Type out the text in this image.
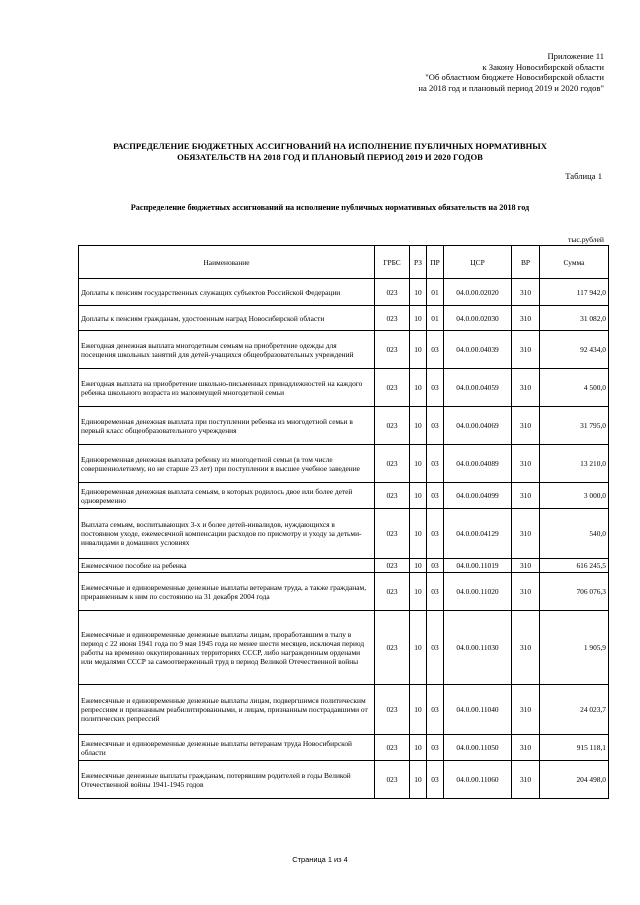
Приложение 11
к Закону Новосибирской области
"Об областном бюджете Новосибирской области
на 2018 год и плановый период 2019 и 2020 годов"
РАСПРЕДЕЛЕНИЕ БЮДЖЕТНЫХ АССИГНОВАНИЙ НА ИСПОЛНЕНИЕ ПУБЛИЧНЫХ НОРМАТИВНЫХ
ОБЯЗАТЕЛЬСТВ НА 2018 ГОД И ПЛАНОВЫЙ ПЕРИОД 2019 И 2020 ГОДОВ
Таблица 1
Распределение бюджетных ассигнований на исполнение публичных нормативных обязательств на 2018 год
тыс.рублей
Наименование	ГРБС	РЗ	ПР	ЦСР	ВР	Сумма
Доплаты к пенсиям государственных служащих субъектов Российской Федерации	023	10	01	04.0.00.02020	310	117 942,0
Доплаты к пенсиям гражданам, удостоенным наград Новосибирской области	023	10	01	04.0.00.02030	310	31 082,0
Ежегодная денежная выплата многодетным семьям на приобретение одежды для посещения школьных занятий для детей-учащихся общеобразовательных учреждений	023	10	03	04.0.00.04039	310	92 434,0
Ежегодная выплата на приобретение школьно-письменных принадлежностей на каждого ребенка школьного возраста из малоимущей многодетной семьи	023	10	03	04.0.00.04059	310	4 500,0
Единовременная денежная выплата при поступлении ребенка из многодетной семьи в первый класс общеобразовательного учреждения	023	10	03	04.0.00.04069	310	31 795,0
Единовременная денежная выплата ребенку из многодетной семьи (в том числе совершеннолетнему, но не старше 23 лет) при поступлении в высшее учебное заведение	023	10	03	04.0.00.04089	310	13 210,0
Единовременная денежная выплата семьям, в которых родилось двое или более детей одновременно	023	10	03	04.0.00.04099	310	3 000,0
Выплата семьям, воспитывающих 3-х и более детей-инвалидов, нуждающихся в постоянном уходе, ежемесячной компенсации расходов по присмотру и уходу за детьми-инвалидами в домашних условиях	023	10	03	04.0.00.04129	310	540,0
Ежемесячное пособие на ребенка	023	10	03	04.0.00.11019	310	616 245,5
Ежемесячные и единовременные денежные выплаты ветеранам труда, а также гражданам, приравненным к ним по состоянию на 31 декабря 2004 года	023	10	03	04.0.00.11020	310	706 076,3
Ежемесячные и единовременные денежные выплаты лицам, проработавшим в тылу в период с 22 июня 1941 года по 9 мая 1945 года не менее шести месяцев, исключая период работы на временно оккупированных территориях СССР, либо награжденным орденами или медалями СССР за самоотверженный труд в период Великой Отечественной войны	023	10	03	04.0.00.11030	310	1 905,9
Ежемесячные и единовременные денежные выплаты лицам, подвергшимся политическим репрессиям и признанным реабилитированными, и лицам, признанным пострадавшими от политических репрессий	023	10	03	04.0.00.11040	310	24 023,7
Ежемесячные и единовременные денежные выплаты ветеранам труда Новосибирской области	023	10	03	04.0.00.11050	310	915 118,1
Ежемесячные денежные выплаты гражданам, потерявшим родителей в годы Великой Отечественной войны 1941-1945 годов	023	10	03	04.0.00.11060	310	204 498,0
Страница 1 из 4
